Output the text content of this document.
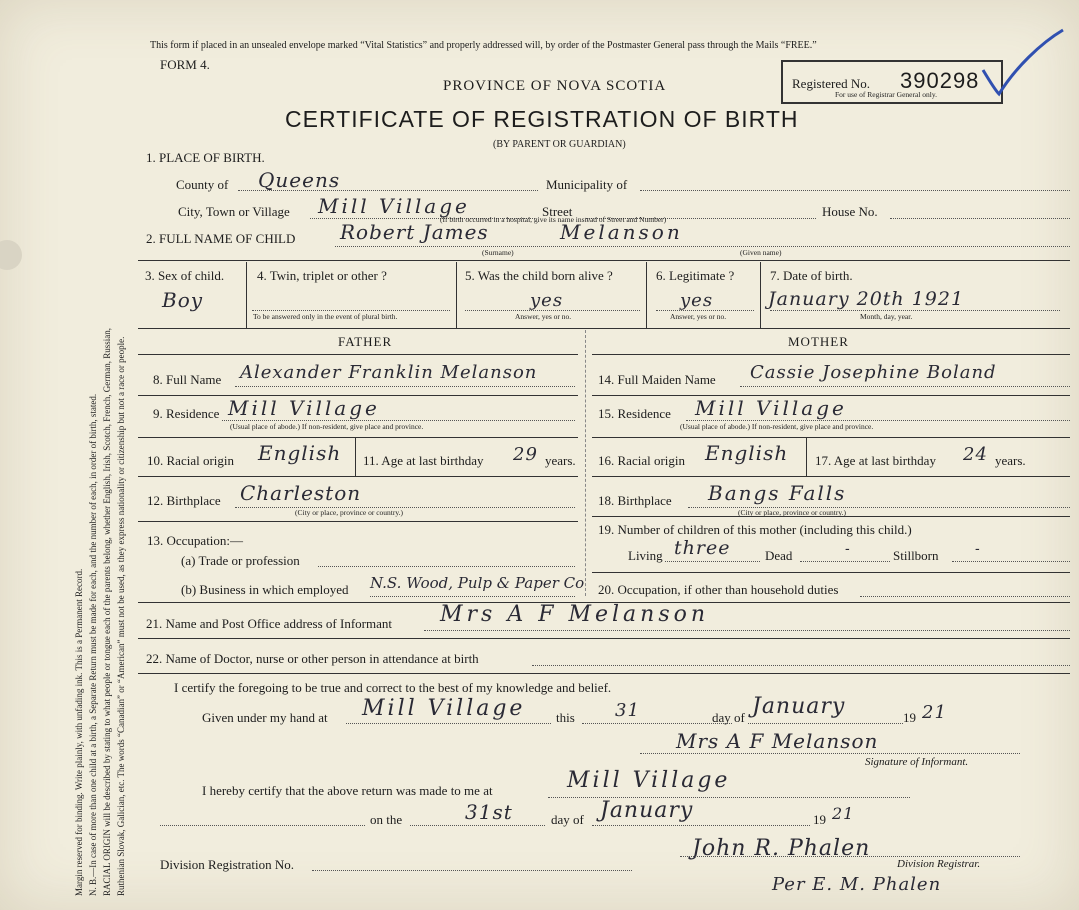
Margin reserved for binding. Write plainly, with unfading ink. This is a Permanent Record. N. B.—In case of more than one child at a birth, a Separate Return must be made for each, and the number of each, in order of birth, stated. RACIAL ORIGIN will be described by stating to what people or tongue each of the parents belong, whether English, Irish, Scotch, French, German, Russian, Ruthenian Slovak, Galician, etc. The words “Canadian” or “American” must not be used, as they express nationality or citizenship but not a race or people.
This form if placed in an unsealed envelope marked “Vital Statistics” and properly addressed will, by order of the Postmaster General pass through the Mails “FREE.”
FORM 4.
PROVINCE OF NOVA SCOTIA
CERTIFICATE OF REGISTRATION OF BIRTH
(BY PARENT OR GUARDIAN)
Registered No. 390298
For use of Registrar General only.
1. PLACE OF BIRTH.
County of Queens	Municipality of
City, Town or Village Mill Village	Street	House No.
(If birth occurred in a hospital, give its name instead of Street and Number)
2. FULL NAME OF CHILD Robert James	Melanson
(Surname)	(Given name)
3. Sex of child.
Boy
4. Twin, triplet or other ?
To be answered only in the event of plural birth.
5. Was the child born alive ?
yes
Answer, yes or no.
6. Legitimate ?
yes
Answer, yes or no.
7. Date of birth.
January 20th 1921
Month, day, year.
FATHER	MOTHER
8. Full Name Alexander Franklin Melanson
9. Residence Mill Village
(Usual place of abode.) If non-resident, give place and province.
10. Racial origin English 11. Age at last birthday 29 years.
12. Birthplace Charleston
(City or place, province or country.)
13. Occupation:—
(a) Trade or profession
(b) Business in which employed N.S. Wood, Pulp & Paper Co
14. Full Maiden Name Cassie Josephine Boland
15. Residence Mill Village
(Usual place of abode.) If non-resident, give place and province.
16. Racial origin English 17. Age at last birthday 24 years.
18. Birthplace Bangs Falls
(City or place, province or country.)
19. Number of children of this mother (including this child.)
Living three	Dead	-	Stillborn	-
20. Occupation, if other than household duties
21. Name and Post Office address of Informant Mrs A F Melanson
22. Name of Doctor, nurse or other person in attendance at birth
I certify the foregoing to be true and correct to the best of my knowledge and belief.
Given under my hand at Mill Village this 31	day of January	19 21
Mrs A F Melanson
Signature of Informant.
I hereby certify that the above return was made to me at	Mill Village
on the	31st	day of January	19 21
Division Registration No.
John R. Phalen
Division Registrar.
Per E. M. Phalen
